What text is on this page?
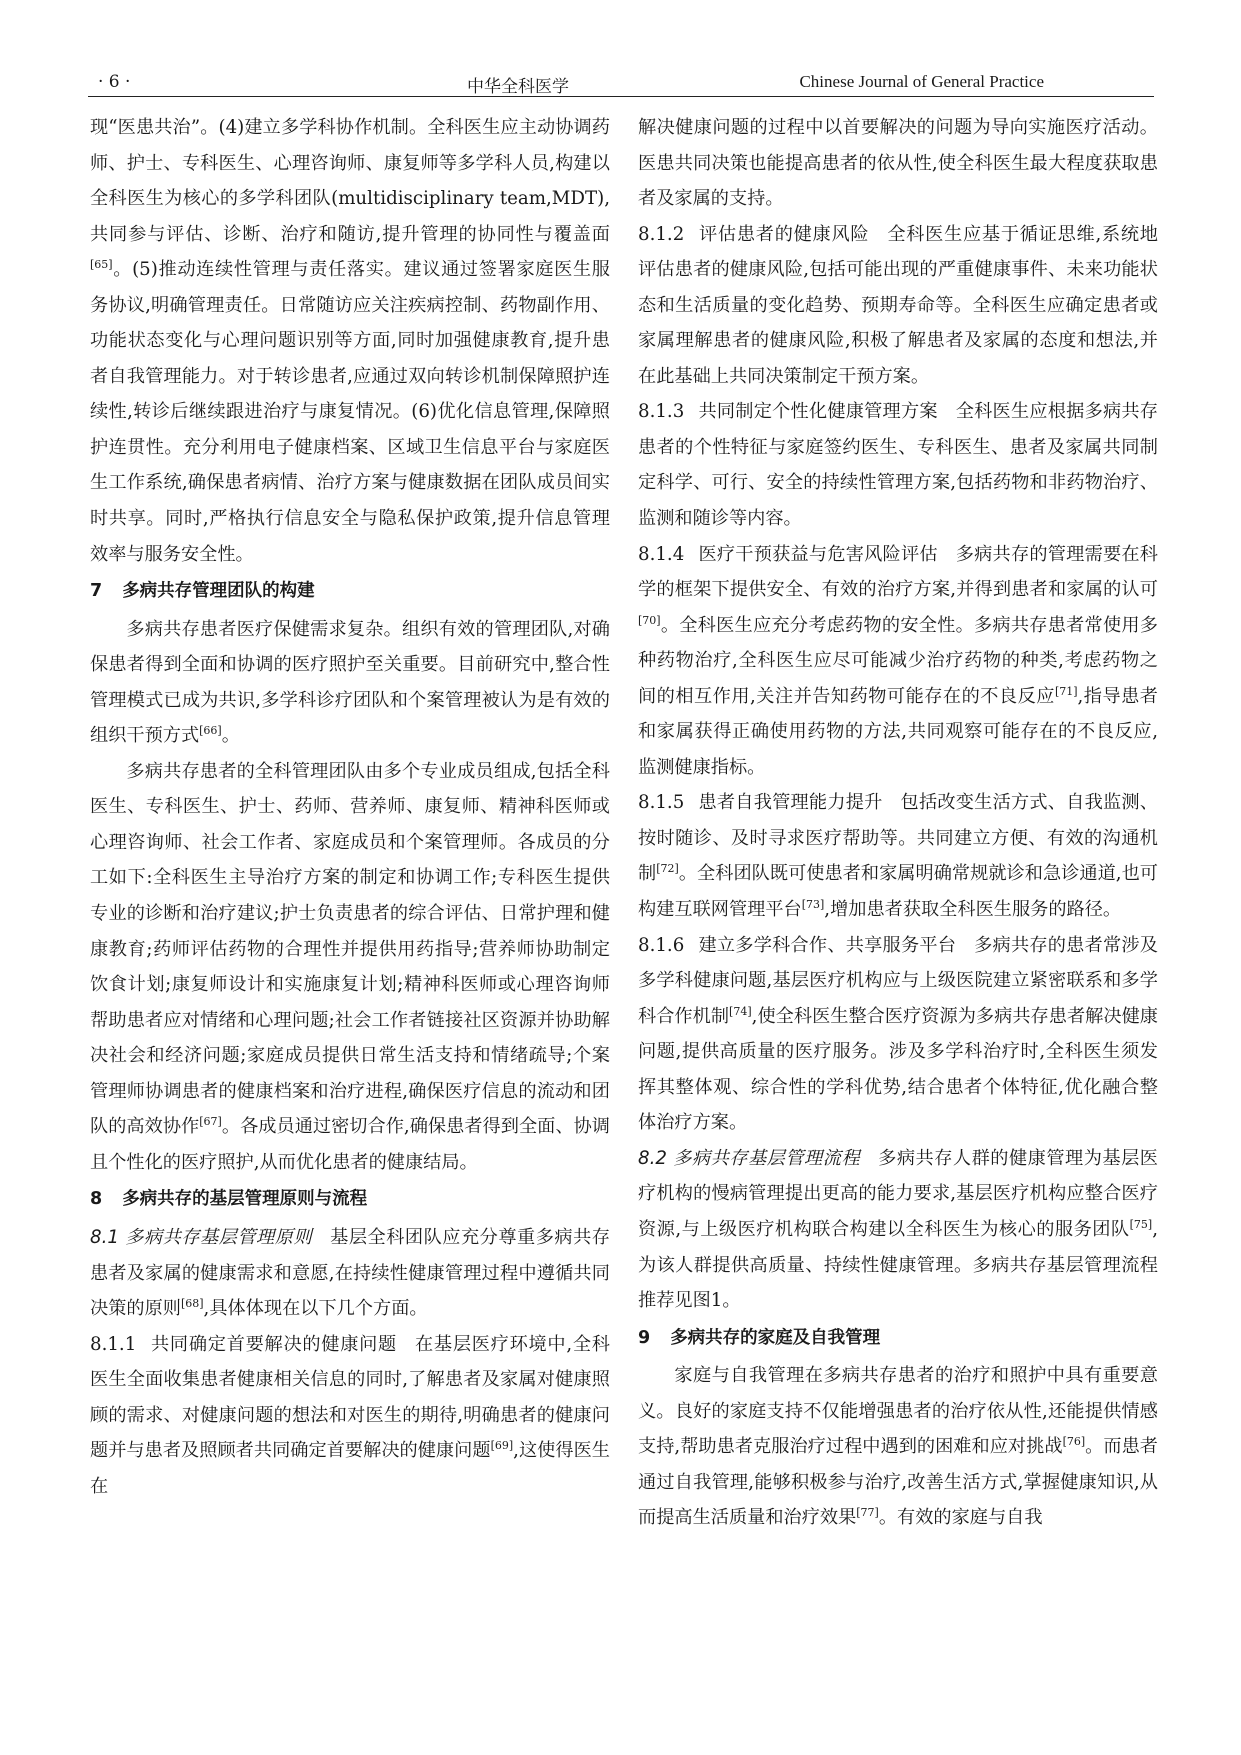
· 6 ·	中华全科医学	Chinese Journal of General Practice

现“医患共治”。(4)建立多学科协作机制。全科医生应主动协调药师、护士、专科医生、心理咨询师、康复师等多学科人员,构建以全科医生为核心的多学科团队(multidisciplinary team,MDT),共同参与评估、诊断、治疗和随访,提升管理的协同性与覆盖面[65]。(5)推动连续性管理与责任落实。建议通过签署家庭医生服务协议,明确管理责任。日常随访应关注疾病控制、药物副作用、功能状态变化与心理问题识别等方面,同时加强健康教育,提升患者自我管理能力。对于转诊患者,应通过双向转诊机制保障照护连续性,转诊后继续跟进治疗与康复情况。(6)优化信息管理,保障照护连贯性。充分利用电子健康档案、区域卫生信息平台与家庭医生工作系统,确保患者病情、治疗方案与健康数据在团队成员间实时共享。同时,严格执行信息安全与隐私保护政策,提升信息管理效率与服务安全性。

7 多病共存管理团队的构建

多病共存患者医疗保健需求复杂。组织有效的管理团队,对确保患者得到全面和协调的医疗照护至关重要。目前研究中,整合性管理模式已成为共识,多学科诊疗团队和个案管理被认为是有效的组织干预方式[66]。

多病共存患者的全科管理团队由多个专业成员组成,包括全科医生、专科医生、护士、药师、营养师、康复师、精神科医师或心理咨询师、社会工作者、家庭成员和个案管理师。各成员的分工如下:全科医生主导治疗方案的制定和协调工作;专科医生提供专业的诊断和治疗建议;护士负责患者的综合评估、日常护理和健康教育;药师评估药物的合理性并提供用药指导;营养师协助制定饮食计划;康复师设计和实施康复计划;精神科医师或心理咨询师帮助患者应对情绪和心理问题;社会工作者链接社区资源并协助解决社会和经济问题;家庭成员提供日常生活支持和情绪疏导;个案管理师协调患者的健康档案和治疗进程,确保医疗信息的流动和团队的高效协作[67]。各成员通过密切合作,确保患者得到全面、协调且个性化的医疗照护,从而优化患者的健康结局。

8 多病共存的基层管理原则与流程

8.1 多病共存基层管理原则 基层全科团队应充分尊重多病共存患者及家属的健康需求和意愿,在持续性健康管理过程中遵循共同决策的原则[68],具体体现在以下几个方面。

8.1.1 共同确定首要解决的健康问题 在基层医疗环境中,全科医生全面收集患者健康相关信息的同时,了解患者及家属对健康照顾的需求、对健康问题的想法和对医生的期待,明确患者的健康问题并与患者及照顾者共同确定首要解决的健康问题[69],这使得医生在

解决健康问题的过程中以首要解决的问题为导向实施医疗活动。医患共同决策也能提高患者的依从性,使全科医生最大程度获取患者及家属的支持。

8.1.2 评估患者的健康风险 全科医生应基于循证思维,系统地评估患者的健康风险,包括可能出现的严重健康事件、未来功能状态和生活质量的变化趋势、预期寿命等。全科医生应确定患者或家属理解患者的健康风险,积极了解患者及家属的态度和想法,并在此基础上共同决策制定干预方案。

8.1.3 共同制定个性化健康管理方案 全科医生应根据多病共存患者的个性特征与家庭签约医生、专科医生、患者及家属共同制定科学、可行、安全的持续性管理方案,包括药物和非药物治疗、监测和随诊等内容。

8.1.4 医疗干预获益与危害风险评估 多病共存的管理需要在科学的框架下提供安全、有效的治疗方案,并得到患者和家属的认可[70]。全科医生应充分考虑药物的安全性。多病共存患者常使用多种药物治疗,全科医生应尽可能减少治疗药物的种类,考虑药物之间的相互作用,关注并告知药物可能存在的不良反应[71],指导患者和家属获得正确使用药物的方法,共同观察可能存在的不良反应,监测健康指标。

8.1.5 患者自我管理能力提升 包括改变生活方式、自我监测、按时随诊、及时寻求医疗帮助等。共同建立方便、有效的沟通机制[72]。全科团队既可使患者和家属明确常规就诊和急诊通道,也可构建互联网管理平台[73],增加患者获取全科医生服务的路径。

8.1.6 建立多学科合作、共享服务平台 多病共存的患者常涉及多学科健康问题,基层医疗机构应与上级医院建立紧密联系和多学科合作机制[74],使全科医生整合医疗资源为多病共存患者解决健康问题,提供高质量的医疗服务。涉及多学科治疗时,全科医生须发挥其整体观、综合性的学科优势,结合患者个体特征,优化融合整体治疗方案。

8.2 多病共存基层管理流程 多病共存人群的健康管理为基层医疗机构的慢病管理提出更高的能力要求,基层医疗机构应整合医疗资源,与上级医疗机构联合构建以全科医生为核心的服务团队[75],为该人群提供高质量、持续性健康管理。多病共存基层管理流程推荐见图1。

9 多病共存的家庭及自我管理

家庭与自我管理在多病共存患者的治疗和照护中具有重要意义。良好的家庭支持不仅能增强患者的治疗依从性,还能提供情感支持,帮助患者克服治疗过程中遇到的困难和应对挑战[76]。而患者通过自我管理,能够积极参与治疗,改善生活方式,掌握健康知识,从而提高生活质量和治疗效果[77]。有效的家庭与自我
